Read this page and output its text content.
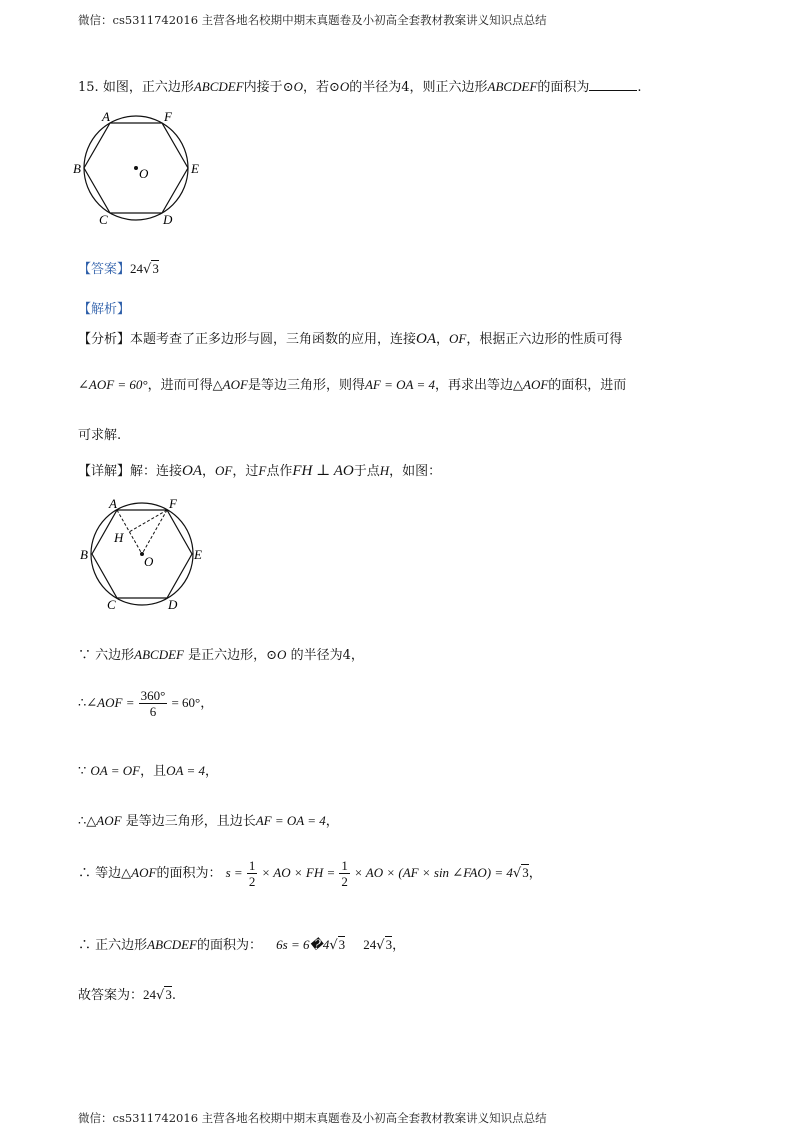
微信：cs5311742016 主营各地名校期中期末真题卷及小初高全套教材教案讲义知识点总结
15. 如图，正六边形ABCDEF内接于⊙O，若⊙O的半径为4，则正六边形ABCDEF的面积为	.
A	F
B	E
C	D
O
【答案】24√3
【解析】
【分析】本题考查了正多边形与圆，三角函数的应用，连接OA，OF，根据正六边形的性质可得
∠AOF = 60°，进而可得△AOF是等边三角形，则得AF = OA = 4，再求出等边△AOF的面积，进而
可求解.
【详解】解：连接OA，OF，过F点作FH ⊥ AO于点H，如图：
A	F
B	E
C	D
O
H
∵ 六边形ABCDEF 是正六边形，⊙O 的半径为4，
∴∠AOF = $\frac{360^\circ}{6} = 60^\circ$，
∵ OA = OF，且OA = 4，
∴△AOF 是等边三角形，且边长AF = OA = 4，
∴ 等边△AOF的面积为： $s = \frac{1}{2}$ × AO × FH = $\frac{1}{2}$ × AO × (AF × sin ∠FAO) = 4√3，
∴ 正六边形ABCDEF的面积为： 6s = 6�4√3 24√3，
故答案为：24√3.
微信：cs5311742016 主营各地名校期中期末真题卷及小初高全套教材教案讲义知识点总结
